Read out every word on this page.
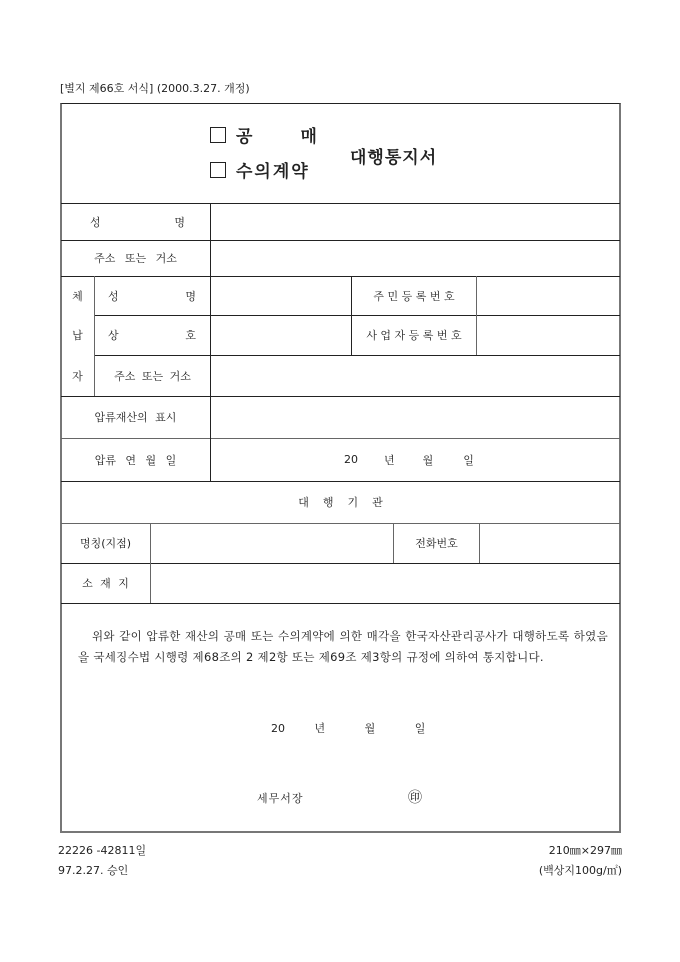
[별지 제66호 서식] (2000.3.27. 개정)
공	매
수의계약
대행통지서
성	명
주소 또는 거소
체
납
자
성	명	주 민 등 록 번 호
상	호	사 업 자 등 록 번 호
주소 또는 거소
압류재산의 표시
압류 연 월 일	20 년	월	일
대    행    기    관
명칭(지점)	전화번호
소 재 지
위와 같이 압류한 재산의 공매 또는 수의계약에 의한 매각을 한국자산관리공사가 대행하도록 하였음을 국세징수법 시행령 제68조의 2 제2항 또는 제69조 제3항의 규정에 의하여 통지합니다.
20	년	월	일
세무서장	㊞
22226 -42811일
97.2.27. 승인
210㎜×297㎜
(백상지100g/㎡)
